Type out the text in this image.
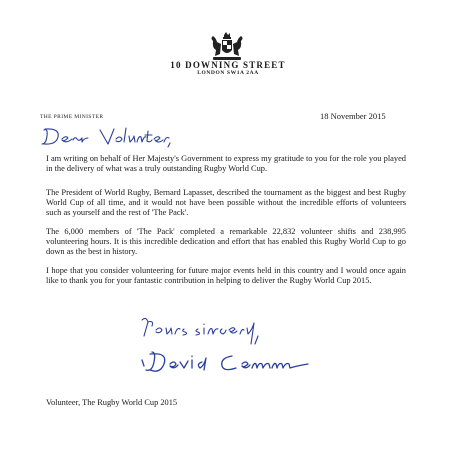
10 DOWNING STREET
LONDON SW1A 2AA
THE PRIME MINISTER	18 November 2015

I am writing on behalf of Her Majesty's Government to express my gratitude to you for the role you played in the delivery of what was a truly outstanding Rugby World Cup.

The President of World Rugby, Bernard Lapasset, described the tournament as the biggest and best Rugby World Cup of all time, and it would not have been possible without the incredible efforts of volunteers such as yourself and the rest of 'The Pack'.

The 6,000 members of 'The Pack' completed a remarkable 22,832 volunteer shifts and 238,995 volunteering hours. It is this incredible dedication and effort that has enabled this Rugby World Cup to go down as the best in history.

I hope that you consider volunteering for future major events held in this country and I would once again like to thank you for your fantastic contribution in helping to deliver the Rugby World Cup 2015.

Volunteer, The Rugby World Cup 2015
